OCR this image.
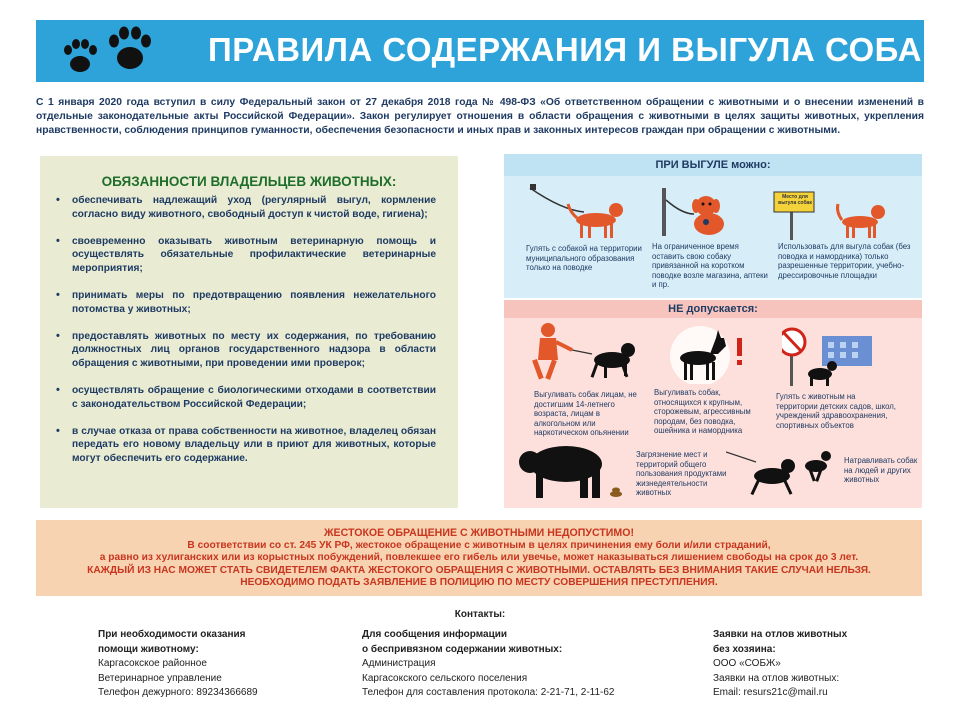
ПРАВИЛА СОДЕРЖАНИЯ И ВЫГУЛА СОБАК
С 1 января 2020 года вступил в силу Федеральный закон от 27 декабря 2018 года № 498-ФЗ «Об ответственном обращении с животными и о внесении изменений в отдельные законодательные акты Российской Федерации». Закон регулирует отношения в области обращения с животными в целях защиты животных, укрепления нравственности, соблюдения принципов гуманности, обеспечения безопасности и иных прав и законных интересов граждан при обращении с животными.
ОБЯЗАННОСТИ ВЛАДЕЛЬЦЕВ ЖИВОТНЫХ:
• обеспечивать надлежащий уход (регулярный выгул, кормление согласно виду животного, свободный доступ к чистой воде, гигиена);
• своевременно оказывать животным ветеринарную помощь и осуществлять обязательные профилактические ветеринарные мероприятия;
• принимать меры по предотвращению появления нежелательного потомства у животных;
• предоставлять животных по месту их содержания, по требованию должностных лиц органов государственного надзора в области обращения с животными, при проведении ими проверок;
• осуществлять обращение с биологическими отходами в соответствии с законодательством Российской Федерации;
• в случае отказа от права собственности на животное, владелец обязан передать его новому владельцу или в приют для животных, которые могут обеспечить его содержание.
ПРИ ВЫГУЛЕ можно:
Гулять с собакой на территории муниципального образования только на поводке
На ограниченное время оставить свою собаку привязанной на коротком поводке возле магазина, аптеки и пр.
Место для выгула собак
Использовать для выгула собак (без поводка и намордника) только разрешенные территории, учебно-дрессировочные площадки
НЕ допускается:
Выгуливать собак лицам, не достигшим 14-летнего возраста, лицам в алкогольном или наркотическом опьянении
Выгуливать собак, относящихся к крупным, сторожевым, агрессивным породам, без поводка, ошейника и намордника
Гулять с животным на территории детских садов, школ, учреждений здравоохранения, спортивных объектов
Загрязнение мест и территорий общего пользования продуктами жизнедеятельности животных
Натравливать собак на людей и других животных
ЖЕСТОКОЕ ОБРАЩЕНИЕ С ЖИВОТНЫМИ НЕДОПУСТИМО!
В соответствии со ст. 245 УК РФ, жестокое обращение с животным в целях причинения ему боли и/или страданий,
а равно из хулиганских или из корыстных побуждений, повлекшее его гибель или увечье, может наказываться лишением свободы на срок до 3 лет.
КАЖДЫЙ ИЗ НАС МОЖЕТ СТАТЬ СВИДЕТЕЛЕМ ФАКТА ЖЕСТОКОГО ОБРАЩЕНИЯ С ЖИВОТНЫМИ. ОСТАВЛЯТЬ БЕЗ ВНИМАНИЯ ТАКИЕ СЛУЧАИ НЕЛЬЗЯ.
НЕОБХОДИМО ПОДАТЬ ЗАЯВЛЕНИЕ В ПОЛИЦИЮ ПО МЕСТУ СОВЕРШЕНИЯ ПРЕСТУПЛЕНИЯ.
Контакты:
При необходимости оказания
помощи животному:
Каргасокское районное
Ветеринарное управление
Телефон дежурного: 89234366689
Для сообщения информации
о беспривязном содержании животных:
Администрация
Каргасокского сельского поселения
Телефон для составления протокола: 2-21-71, 2-11-62
Заявки на отлов животных
без хозяина:
ООО «СОБЖ»
Заявки на отлов животных:
Email: resurs21c@mail.ru
